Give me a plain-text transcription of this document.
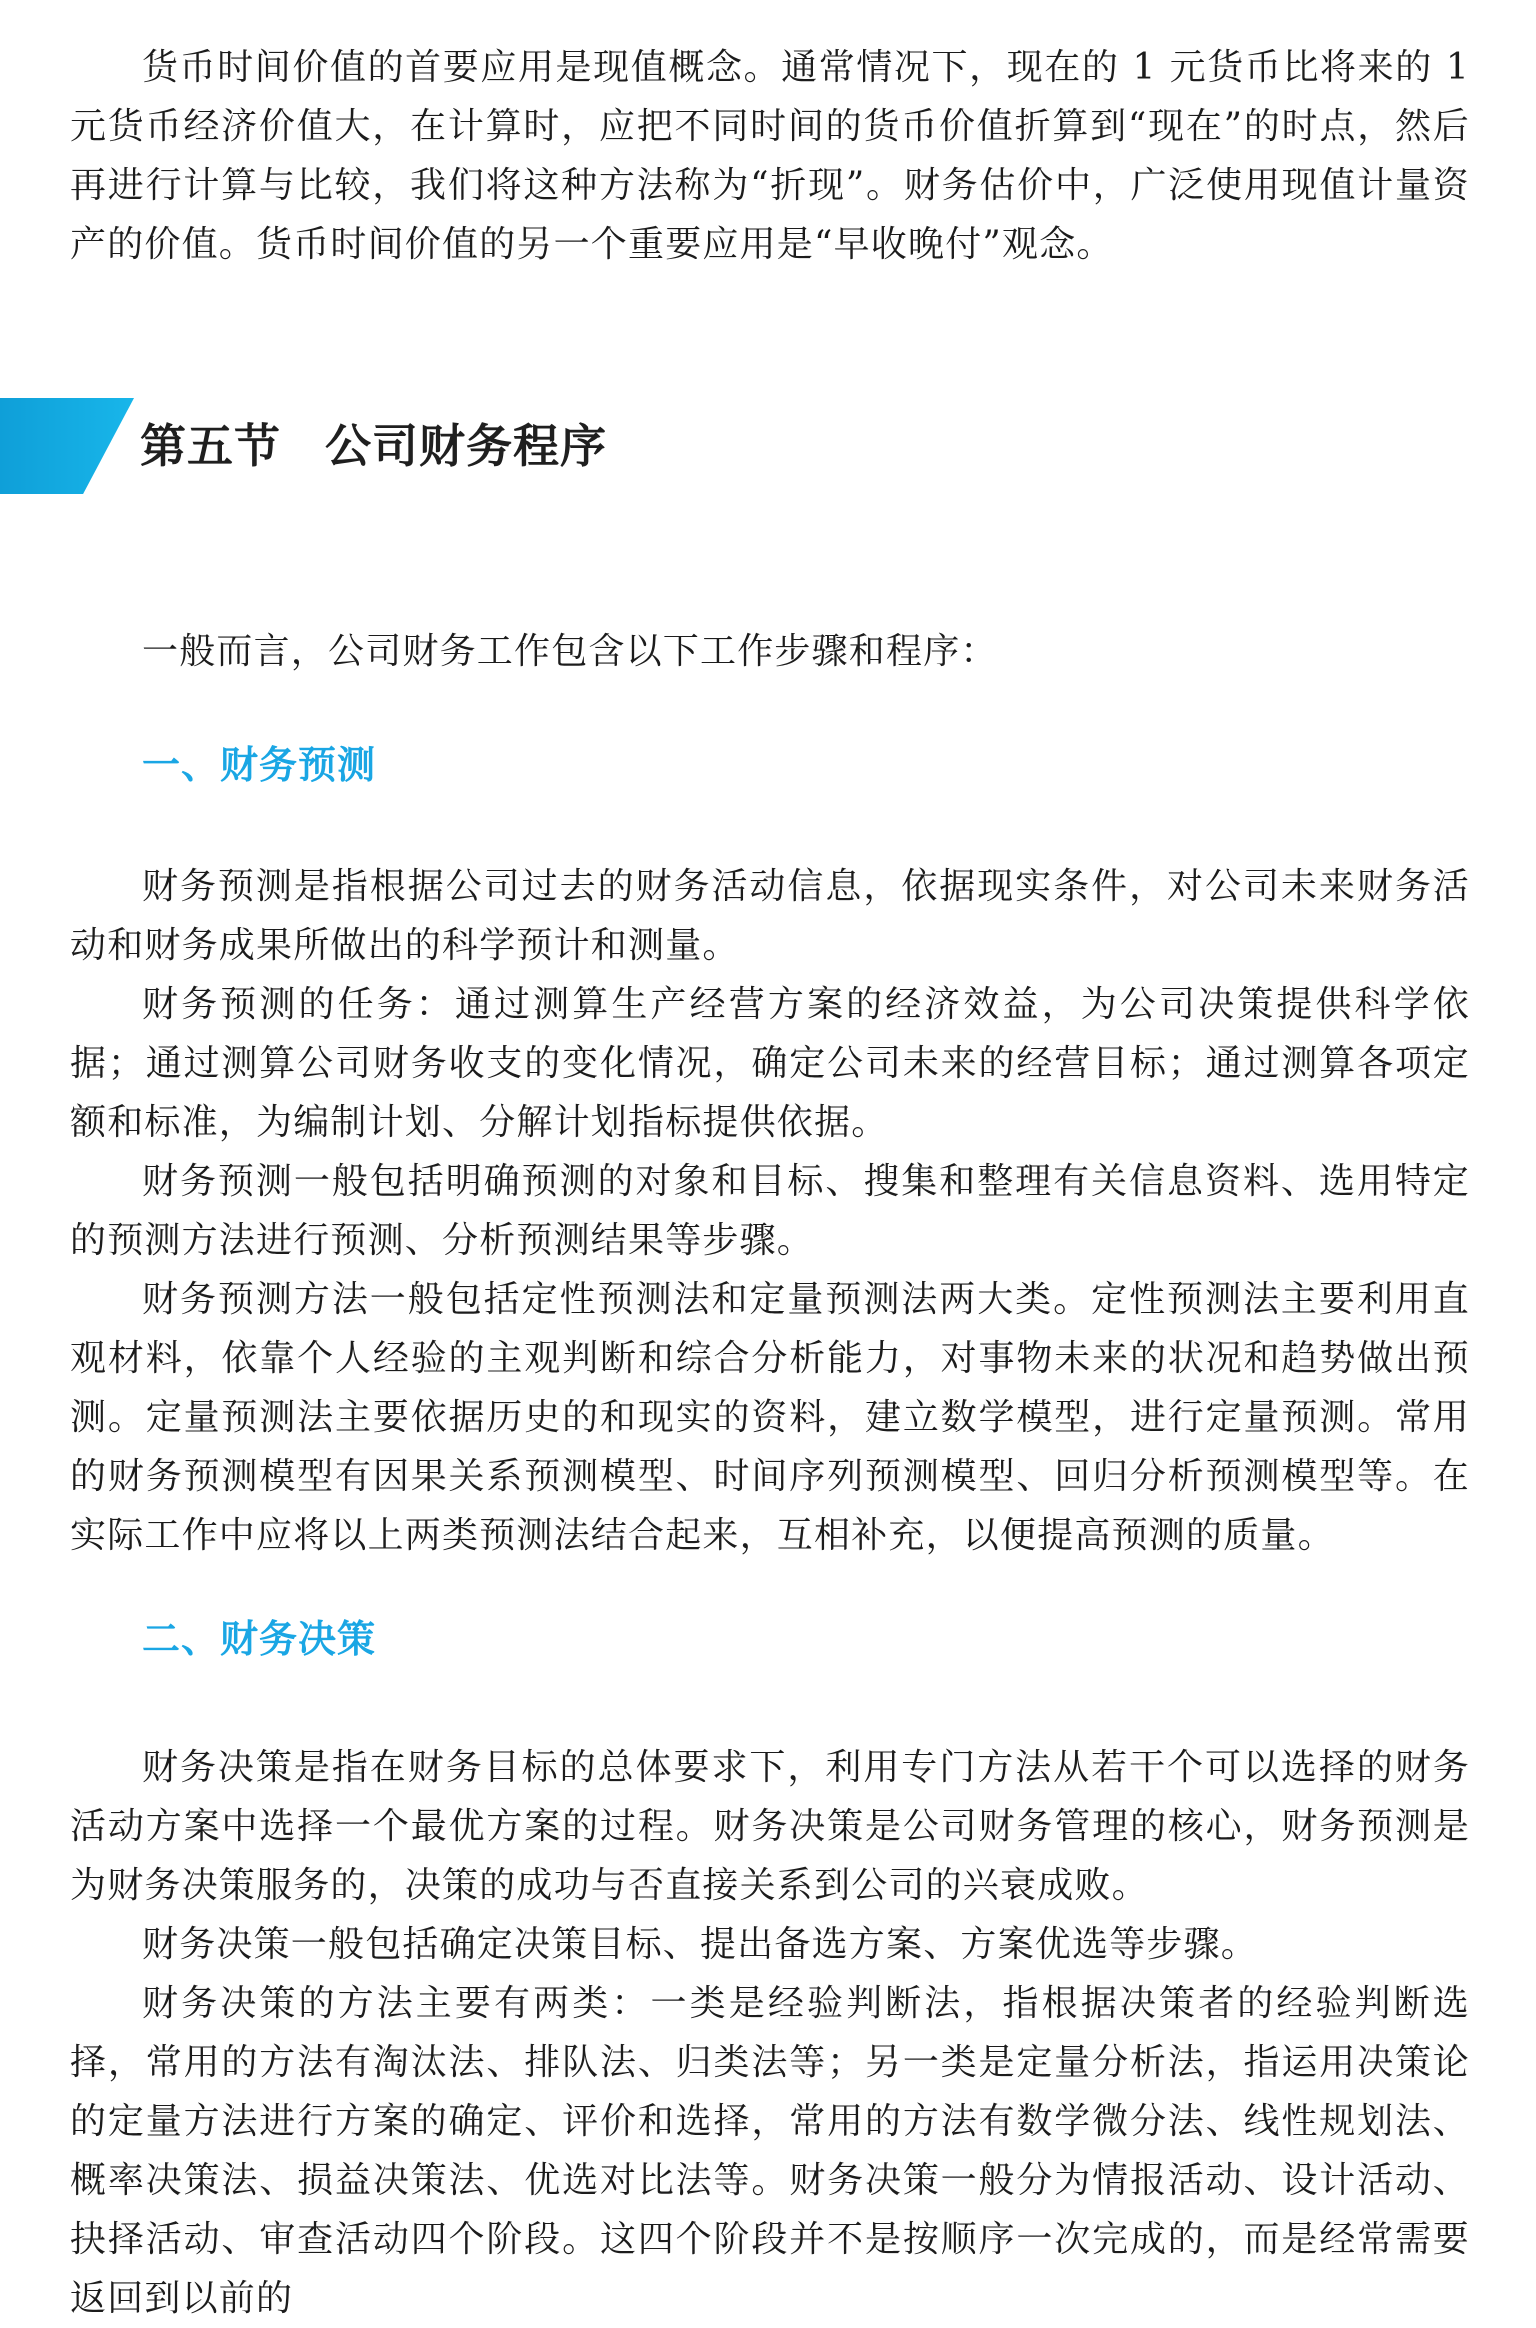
货币时间价值的首要应用是现值概念。通常情况下，现在的 1 元货币比将来的 1 元货币经济价值大，在计算时，应把不同时间的货币价值折算到“现在”的时点，然后再进行计算与比较，我们将这种方法称为“折现”。财务估价中，广泛使用现值计量资产的价值。货币时间价值的另一个重要应用是“早收晚付”观念。

第五节 公司财务程序

一般而言，公司财务工作包含以下工作步骤和程序：

一、财务预测

财务预测是指根据公司过去的财务活动信息，依据现实条件，对公司未来财务活动和财务成果所做出的科学预计和测量。

财务预测的任务：通过测算生产经营方案的经济效益，为公司决策提供科学依据；通过测算公司财务收支的变化情况，确定公司未来的经营目标；通过测算各项定额和标准，为编制计划、分解计划指标提供依据。

财务预测一般包括明确预测的对象和目标、搜集和整理有关信息资料、选用特定的预测方法进行预测、分析预测结果等步骤。

财务预测方法一般包括定性预测法和定量预测法两大类。定性预测法主要利用直观材料，依靠个人经验的主观判断和综合分析能力，对事物未来的状况和趋势做出预测。定量预测法主要依据历史的和现实的资料，建立数学模型，进行定量预测。常用的财务预测模型有因果关系预测模型、时间序列预测模型、回归分析预测模型等。在实际工作中应将以上两类预测法结合起来，互相补充，以便提高预测的质量。

二、财务决策

财务决策是指在财务目标的总体要求下，利用专门方法从若干个可以选择的财务活动方案中选择一个最优方案的过程。财务决策是公司财务管理的核心，财务预测是为财务决策服务的，决策的成功与否直接关系到公司的兴衰成败。

财务决策一般包括确定决策目标、提出备选方案、方案优选等步骤。

财务决策的方法主要有两类：一类是经验判断法，指根据决策者的经验判断选择，常用的方法有淘汰法、排队法、归类法等；另一类是定量分析法，指运用决策论的定量方法进行方案的确定、评价和选择，常用的方法有数学微分法、线性规划法、概率决策法、损益决策法、优选对比法等。财务决策一般分为情报活动、设计活动、抉择活动、审查活动四个阶段。这四个阶段并不是按顺序一次完成的，而是经常需要返回到以前的
